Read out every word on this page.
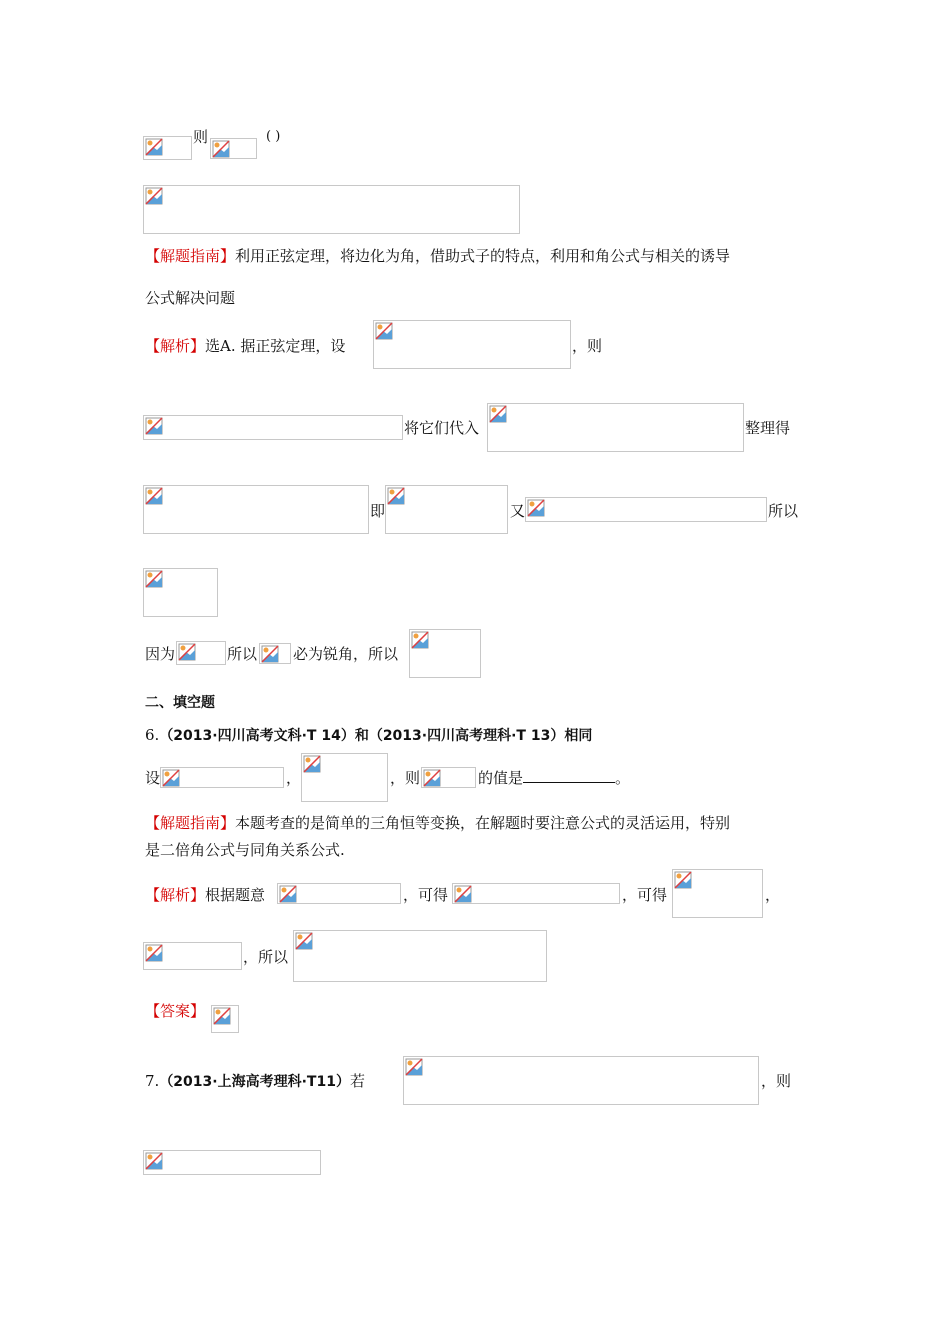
则	( )
【解题指南】利用正弦定理，将边化为角，借助式子的特点，利用和角公式与相关的诱导
公式解决问题
【解析】选A. 据正弦定理，设	，则
将它们代入	整理得
即	又	所以
因为	所以 必为锐角，所以
二、填空题
6.（2013·四川高考文科·T 14）和（2013·四川高考理科·T 13）相同
设	，	，则	的值是	。
【解题指南】本题考查的是简单的三角恒等变换，在解题时要注意公式的灵活运用，特别
是二倍角公式与同角关系公式.
【解析】根据题意	，可得	，可得	，
，所以
【答案】
7.（2013·上海高考理科·T11）若	，则
